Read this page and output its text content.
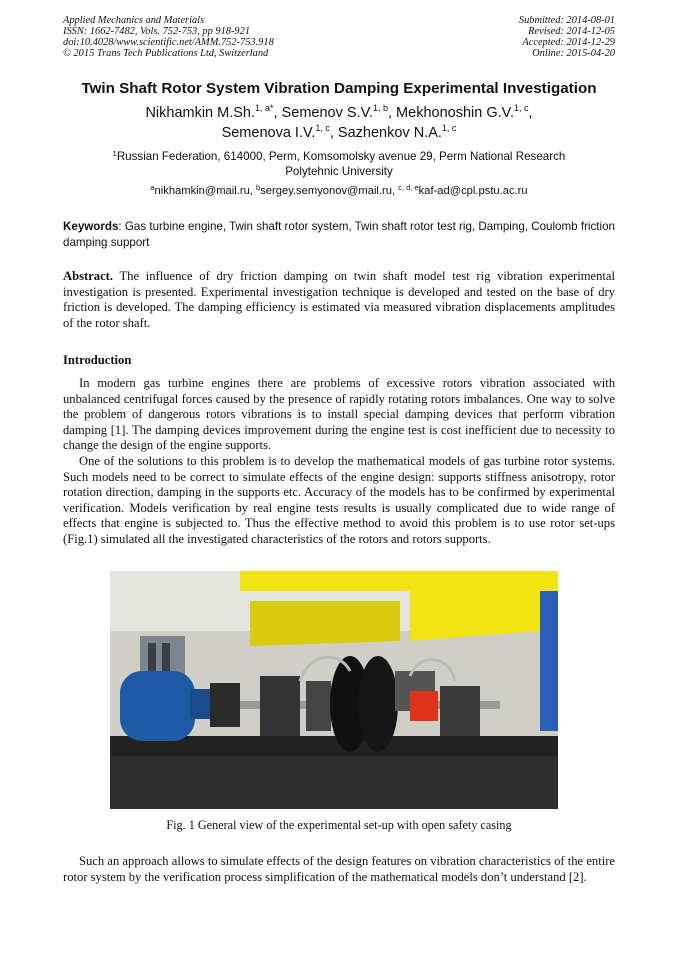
Applied Mechanics and Materials
ISSN: 1662-7482, Vols. 752-753, pp 918-921
doi:10.4028/www.scientific.net/AMM.752-753.918
© 2015 Trans Tech Publications Ltd, Switzerland
Submitted: 2014-08-01
Revised: 2014-12-05
Accepted: 2014-12-29
Online: 2015-04-20
Twin Shaft Rotor System Vibration Damping Experimental Investigation
Nikhamkin M.Sh.$^{1, a*}$, Semenov S.V.$^{1, b}$, Mekhonoshin G.V.$^{1, c}$,
Semenova I.V.$^{1, c}$, Sazhenkov N.A.$^{1, c}$
$^1$Russian Federation, 614000, Perm, Komsomolsky avenue 29, Perm National Research
Polytehnic University
$^a$nikhamkin@mail.ru, $^b$sergey.semyonov@mail.ru, $^{c, d, e}$kaf-ad@cpl.pstu.ac.ru
Keywords: Gas turbine engine, Twin shaft rotor system, Twin shaft rotor test rig, Damping, Coulomb friction damping support
Abstract. The influence of dry friction damping on twin shaft model test rig vibration experimental investigation is presented. Experimental investigation technique is developed and tested on the base of dry friction is developed. The damping efficiency is estimated via measured vibration displacements amplitudes of the rotor shaft.
Introduction
In modern gas turbine engines there are problems of excessive rotors vibration associated with unbalanced centrifugal forces caused by the presence of rapidly rotating rotors imbalances. One way to solve the problem of dangerous rotors vibrations is to install special damping devices that perform vibration damping [1]. The damping devices improvement during the engine test is cost inefficient due to necessity to change the design of the engine supports.
One of the solutions to this problem is to develop the mathematical models of gas turbine rotor systems. Such models need to be correct to simulate effects of the engine design: supports stiffness anisotropy, rotor rotation direction, damping in the supports etc. Accuracy of the models has to be confirmed by experimental verification. Models verification by real engine tests results is usually complicated due to wide range of effects that engine is subjected to. Thus the effective method to avoid this problem is to use rotor set-ups (Fig.1) simulated all the investigated characteristics of the rotors and rotors supports.
Fig. 1 General view of the experimental set-up with open safety casing
Such an approach allows to simulate effects of the design features on vibration characteristics of the entire rotor system by the verification process simplification of the mathematical models don’t understand [2].
